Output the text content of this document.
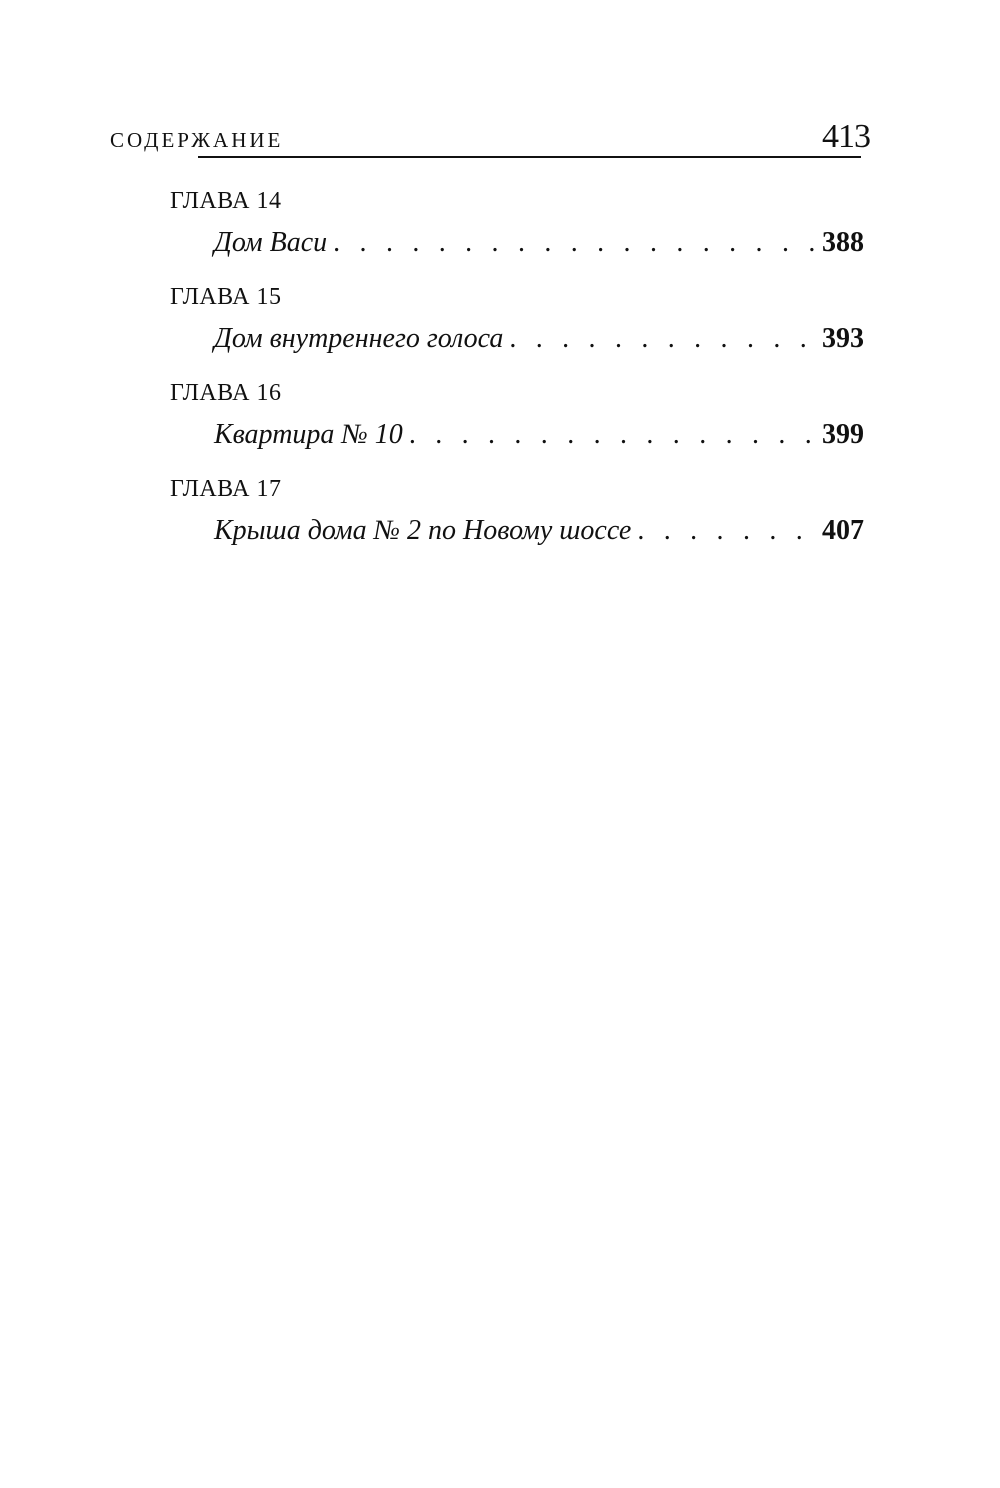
СОДЕРЖАНИЕ	413
ГЛАВА 14
Дом Васи . . .	388
ГЛАВА 15
Дом внутреннего голоса . . .	393
ГЛАВА 16
Квартира № 10 . . .	399
ГЛАВА 17
Крыша дома № 2 по Новому шоссе . . .	407
